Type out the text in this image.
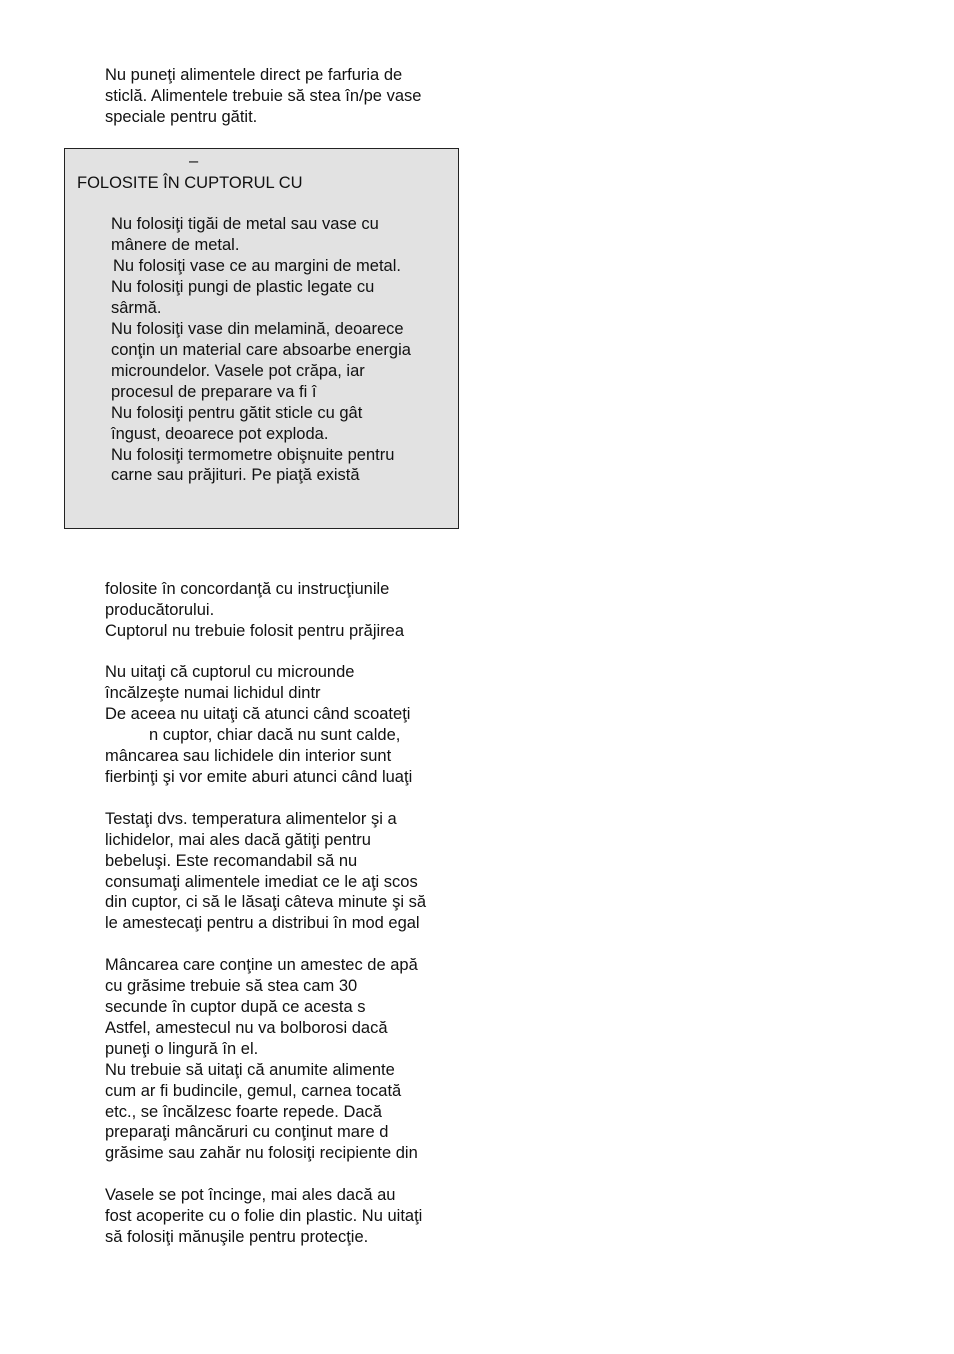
Nu puneţi alimentele direct pe farfuria de
sticlă. Alimentele trebuie să stea în/pe vase
speciale pentru gătit.
–
FOLOSITE ÎN CUPTORUL CU
Nu folosiţi tigăi de metal sau vase cu
mânere de metal.
Nu folosiţi vase ce au margini de metal.
Nu folosiţi pungi de plastic legate cu
sârmă.
Nu folosiţi vase din melamină, deoarece
conţin un material care absoarbe energia
microundelor. Vasele pot crăpa, iar
procesul de preparare va fi î
Nu folosiţi pentru gătit sticle cu gât
îngust, deoarece pot exploda.
Nu folosiţi termometre obişnuite pentru
carne sau prăjituri. Pe piaţă există
folosite în concordanţă cu instrucţiunile
producătorului.
Cuptorul nu trebuie folosit pentru prăjirea
Nu uitaţi că cuptorul cu microunde
încălzeşte numai lichidul dintr
De aceea nu uitaţi că atunci când scoateţi
n cuptor, chiar dacă nu sunt calde,
mâncarea sau lichidele din interior sunt
fierbinţi şi vor emite aburi atunci când luaţi
Testaţi dvs. temperatura alimentelor şi a
lichidelor, mai ales dacă gătiţi pentru
bebeluşi. Este recomandabil să nu
consumaţi alimentele imediat ce le aţi scos
din cuptor, ci să le lăsaţi câteva minute şi să
le amestecaţi pentru a distribui în mod egal
Mâncarea care conţine un amestec de apă
cu grăsime trebuie să stea cam 30
secunde în cuptor după ce acesta s
Astfel, amestecul nu va bolborosi dacă
puneţi o lingură în el.
Nu trebuie să uitaţi că anumite alimente
cum ar fi budincile, gemul, carnea tocată
etc., se încălzesc foarte repede. Dacă
preparaţi mâncăruri cu conţinut mare d
grăsime sau zahăr nu folosiţi recipiente din
Vasele se pot încinge, mai ales dacă au
fost acoperite cu o folie din plastic. Nu uitaţi
să folosiţi mănuşile pentru protecţie.
